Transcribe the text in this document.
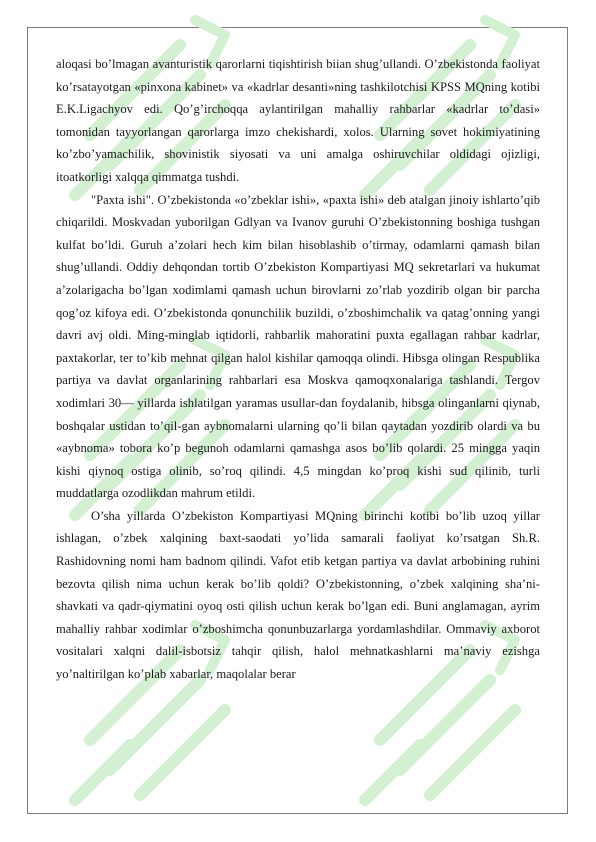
aloqasi bo’lmagan avanturistik qarorlarni tiqishtirish biian shug’ullandi. O’zbekistonda faoliyat ko’rsatayotgan «pinxona kabinet» va «kadrlar desanti»ning tashkilotchisi KPSS MQning kotibi E.K.Ligachyov edi. Qo’g’irchoqqa aylantirilgan mahalliy rahbarlar «kadrlar to’dasi» tomonidan tayyorlangan qarorlarga imzo chekishardi, xolos. Ularning sovet hokimiyatining ko’zbo’yamachilik, shovinistik siyosati va uni amalga oshiruvchilar oldidagi ojizligi, itoatkorligi xalqqa qimmatga tushdi.

"Paxta ishi". O’zbekistonda «o’zbeklar ishi», «paxta ishi» deb atalgan jinoiy ishlarto’qib chiqarildi. Moskvadan yuborilgan Gdlyan va Ivanov guruhi O’zbekistonning boshiga tushgan kulfat bo’ldi. Guruh a’zolari hech kim bilan hisoblashib o’tirmay, odamlarni qamash bilan shug’ullandi. Oddiy dehqondan tortib O’zbekiston Kompartiyasi MQ sekretarlari va hukumat a’zolarigacha bo’lgan xodimlami qamash uchun birovlarni zo’rlab yozdirib olgan bir parcha qog’oz kifoya edi. O’zbekistonda qonunchilik buzildi, o’zboshimchalik va qatag’onning yangi davri avj oldi. Ming-minglab iqtidorli, rahbarlik mahoratini puxta egallagan rahbar kadrlar, paxtakorlar, ter to’kib mehnat qilgan halol kishilar qamoqqa olindi. Hibsga olingan Respublika partiya va davlat organlarining rahbarlari esa Moskva qamoqxonalariga tashlandi. Tergov xodimlari 30— yillarda ishlatilgan yaramas usullar-dan foydalanib, hibsga olinganlarni qiynab, boshqalar ustidan to’qil-gan aybnomalarni ularning qo’li bilan qaytadan yozdirib olardi va bu «aybnoma» tobora ko’p begunoh odamlarni qamashga asos bo’lib qolardi. 25 mingga yaqin kishi qiynoq ostiga olinib, so’roq qilindi. 4,5 mingdan ko’proq kishi sud qilinib, turli muddatlarga ozodlikdan mahrum etildi.

O’sha yillarda O’zbekiston Kompartiyasi MQning birinchi kotibi bo’lib uzoq yillar ishlagan, o’zbek xalqining baxt-saodati yo’lida samarali faoliyat ko’rsatgan Sh.R. Rashidovning nomi ham badnom qilindi. Vafot etib ketgan partiya va davlat arbobining ruhini bezovta qilish nima uchun kerak bo’lib qoldi? O’zbekistonning, o’zbek xalqining sha’ni-shavkati va qadr-qiymatini oyoq osti qilish uchun kerak bo’lgan edi. Buni anglamagan, ayrim mahalliy rahbar xodimlar o’zboshimcha qonunbuzarlarga yordamlashdilar. Ommaviy axborot vositalari xalqni dalil-isbotsiz tahqir qilish, halol mehnatkashlarni ma’naviy ezishga yo’naltirilgan ko’plab xabarlar, maqolalar berar
